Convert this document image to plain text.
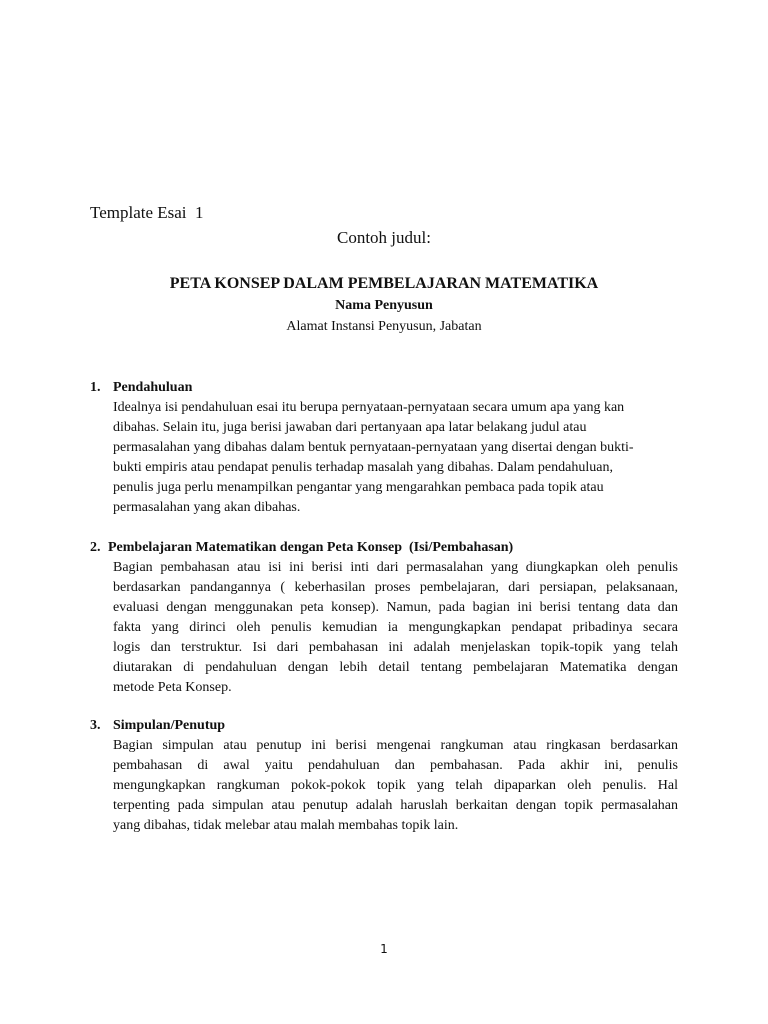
Template Esai  1
Contoh judul:
PETA KONSEP DALAM PEMBELAJARAN MATEMATIKA
Nama Penyusun
Alamat Instansi Penyusun, Jabatan
1. Pendahuluan
Idealnya isi pendahuluan esai itu berupa pernyataan-pernyataan secara umum apa yang kan
dibahas. Selain itu, juga berisi jawaban dari pertanyaan apa latar belakang judul atau
permasalahan yang dibahas dalam bentuk pernyataan-pernyataan yang disertai dengan bukti-
bukti empiris atau pendapat penulis terhadap masalah yang dibahas. Dalam pendahuluan,
penulis juga perlu menampilkan pengantar yang mengarahkan pembaca pada topik atau
permasalahan yang akan dibahas.
2. Pembelajaran Matematikan dengan Peta Konsep  (Isi/Pembahasan)
Bagian pembahasan atau isi ini berisi inti dari permasalahan yang diungkapkan oleh penulis
berdasarkan pandangannya ( keberhasilan proses pembelajaran, dari persiapan, pelaksanaan,
evaluasi dengan menggunakan peta konsep). Namun, pada bagian ini berisi tentang data dan
fakta yang dirinci oleh penulis kemudian ia mengungkapkan pendapat pribadinya secara
logis dan terstruktur. Isi dari pembahasan ini adalah menjelaskan topik-topik yang telah
diutarakan di pendahuluan dengan lebih detail tentang pembelajaran Matematika dengan
metode Peta Konsep.
3. Simpulan/Penutup
Bagian simpulan atau penutup ini berisi mengenai rangkuman atau ringkasan berdasarkan
pembahasan di awal yaitu pendahuluan dan pembahasan. Pada akhir ini, penulis
mengungkapkan rangkuman pokok-pokok topik yang telah dipaparkan oleh penulis. Hal
terpenting pada simpulan atau penutup adalah haruslah berkaitan dengan topik permasalahan
yang dibahas, tidak melebar atau malah membahas topik lain.
1
